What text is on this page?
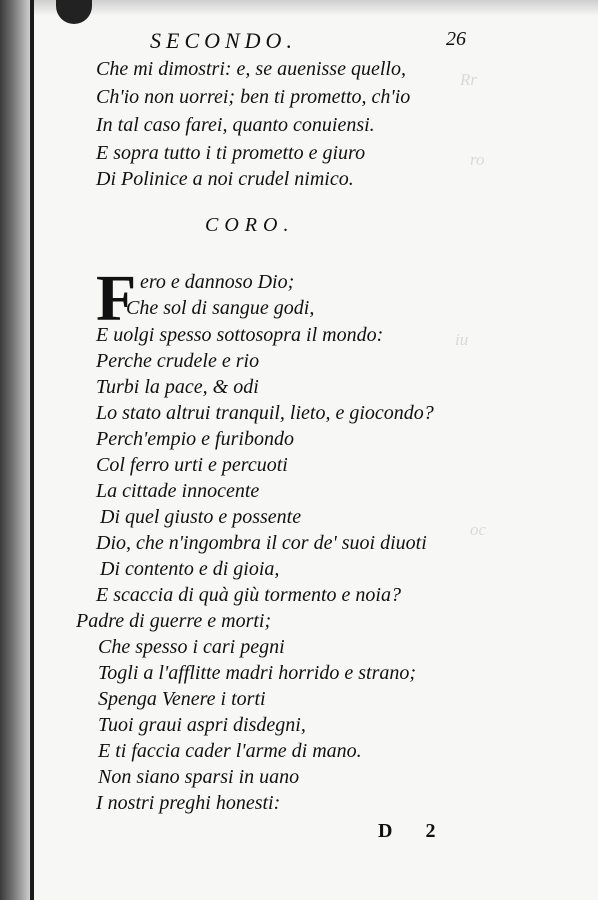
Rr
ro
iu
oc
SECONDO.	26
Che mi dimostri: e, se auenisse quello,
Ch'io non uorrei; ben ti prometto, ch'io
In tal caso farei, quanto conuiensi.
E sopra tutto i ti prometto e giuro
Di Polinice a noi crudel nimico.
CORO.
F ero e dannoso Dio;
Che sol di sangue godi,
E uolgi spesso sottosopra il mondo:
Perche crudele e rio
Turbi la pace, & odi
Lo stato altrui tranquil, lieto, e giocondo?
Perch'empio e furibondo
Col ferro urti e percuoti
La cittade innocente
Di quel giusto e possente
Dio, che n'ingombra il cor de' suoi diuoti
Di contento e di gioia,
E scaccia di quà giù tormento e noia?
Padre di guerre e morti;
Che spesso i cari pegni
Togli a l'afflitte madri horrido e strano;
Spenga Venere i torti
Tuoi graui aspri disdegni,
E ti faccia cader l'arme di mano.
Non siano sparsi in uano
I nostri preghi honesti:
D 2
